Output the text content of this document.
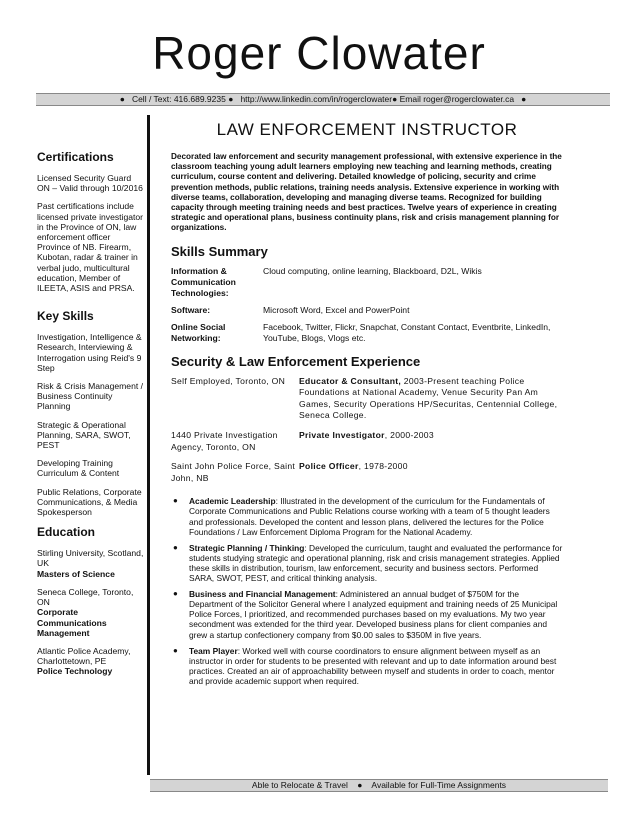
Roger Clowater
● Cell / Text: 416.689.9235 ● http://www.linkedin.com/in/rogerclowater● Email roger@rogerclowater.ca ●
Certifications
Licensed Security Guard ON – Valid through 10/2016
Past certifications include licensed private investigator in the Province of ON, law enforcement officer Province of NB. Firearm, Kubotan, radar & trainer in verbal judo, multicultural education, Member of ILEETA, ASIS and PRSA.
Key Skills
Investigation, Intelligence & Research, Interviewing & Interrogation using Reid's 9 Step
Risk & Crisis Management / Business Continuity Planning
Strategic & Operational Planning, SARA, SWOT, PEST
Developing Training Curriculum & Content
Public Relations, Corporate Communications, & Media Spokesperson
Education
Stirling University, Scotland, UK
Masters of Science
Seneca College, Toronto, ON
Corporate Communications Management
Atlantic Police Academy, Charlottetown, PE
Police Technology
LAW ENFORCEMENT INSTRUCTOR
Decorated law enforcement and security management professional, with extensive experience in the classroom teaching young adult learners employing new teaching and learning methods, creating curriculum, course content and delivering. Detailed knowledge of policing, security and crime prevention methods, public relations, training needs analysis. Extensive experience in working with diverse teams, collaboration, developing and managing diverse teams. Recognized for building capacity through meeting training needs and best practices. Twelve years of experience in creating strategic and operational plans, business continuity plans, risk and crisis management planning for organizations.
Skills Summary
Information & Communication Technologies:	Cloud computing, online learning, Blackboard, D2L, Wikis
Software:	Microsoft Word, Excel and PowerPoint
Online Social Networking:	Facebook, Twitter, Flickr, Snapchat, Constant Contact, Eventbrite, LinkedIn, YouTube, Blogs, Vlogs etc.
Security & Law Enforcement Experience
Self Employed, Toronto, ON	Educator & Consultant, 2003-Present teaching Police Foundations at National Academy, Venue Security Pan Am Games, Security Operations HP/Securitas, Centennial College, Seneca College.
1440 Private Investigation Agency, Toronto, ON	Private Investigator, 2000-2003
Saint John Police Force, Saint John, NB	Police Officer, 1978-2000
● Academic Leadership: Illustrated in the development of the curriculum for the Fundamentals of Corporate Communications and Public Relations course working with a team of 5 thought leaders and professionals. Developed the content and lesson plans, delivered the lectures for the Police Foundations / Law Enforcement Diploma Program for the National Academy.
● Strategic Planning / Thinking: Developed the curriculum, taught and evaluated the performance for students studying strategic and operational planning, risk and crisis management strategies. Applied these skills in distribution, tourism, law enforcement, security and business sectors. Performed SARA, SWOT, PEST, and critical thinking analysis.
● Business and Financial Management: Administered an annual budget of $750M for the Department of the Solicitor General where I analyzed equipment and training needs of 25 Municipal Police Forces, I prioritized, and recommended purchases based on my evaluations. My two year secondment was extended for the third year. Developed business plans for client companies and grew a startup confectionery company from $0.00 sales to $350M in five years.
● Team Player: Worked well with course coordinators to ensure alignment between myself as an instructor in order for students to be presented with relevant and up to date information around best practices. Created an air of approachability between myself and students in order to coach, mentor and provide academic support when required.
Able to Relocate & Travel ● Available for Full-Time Assignments
